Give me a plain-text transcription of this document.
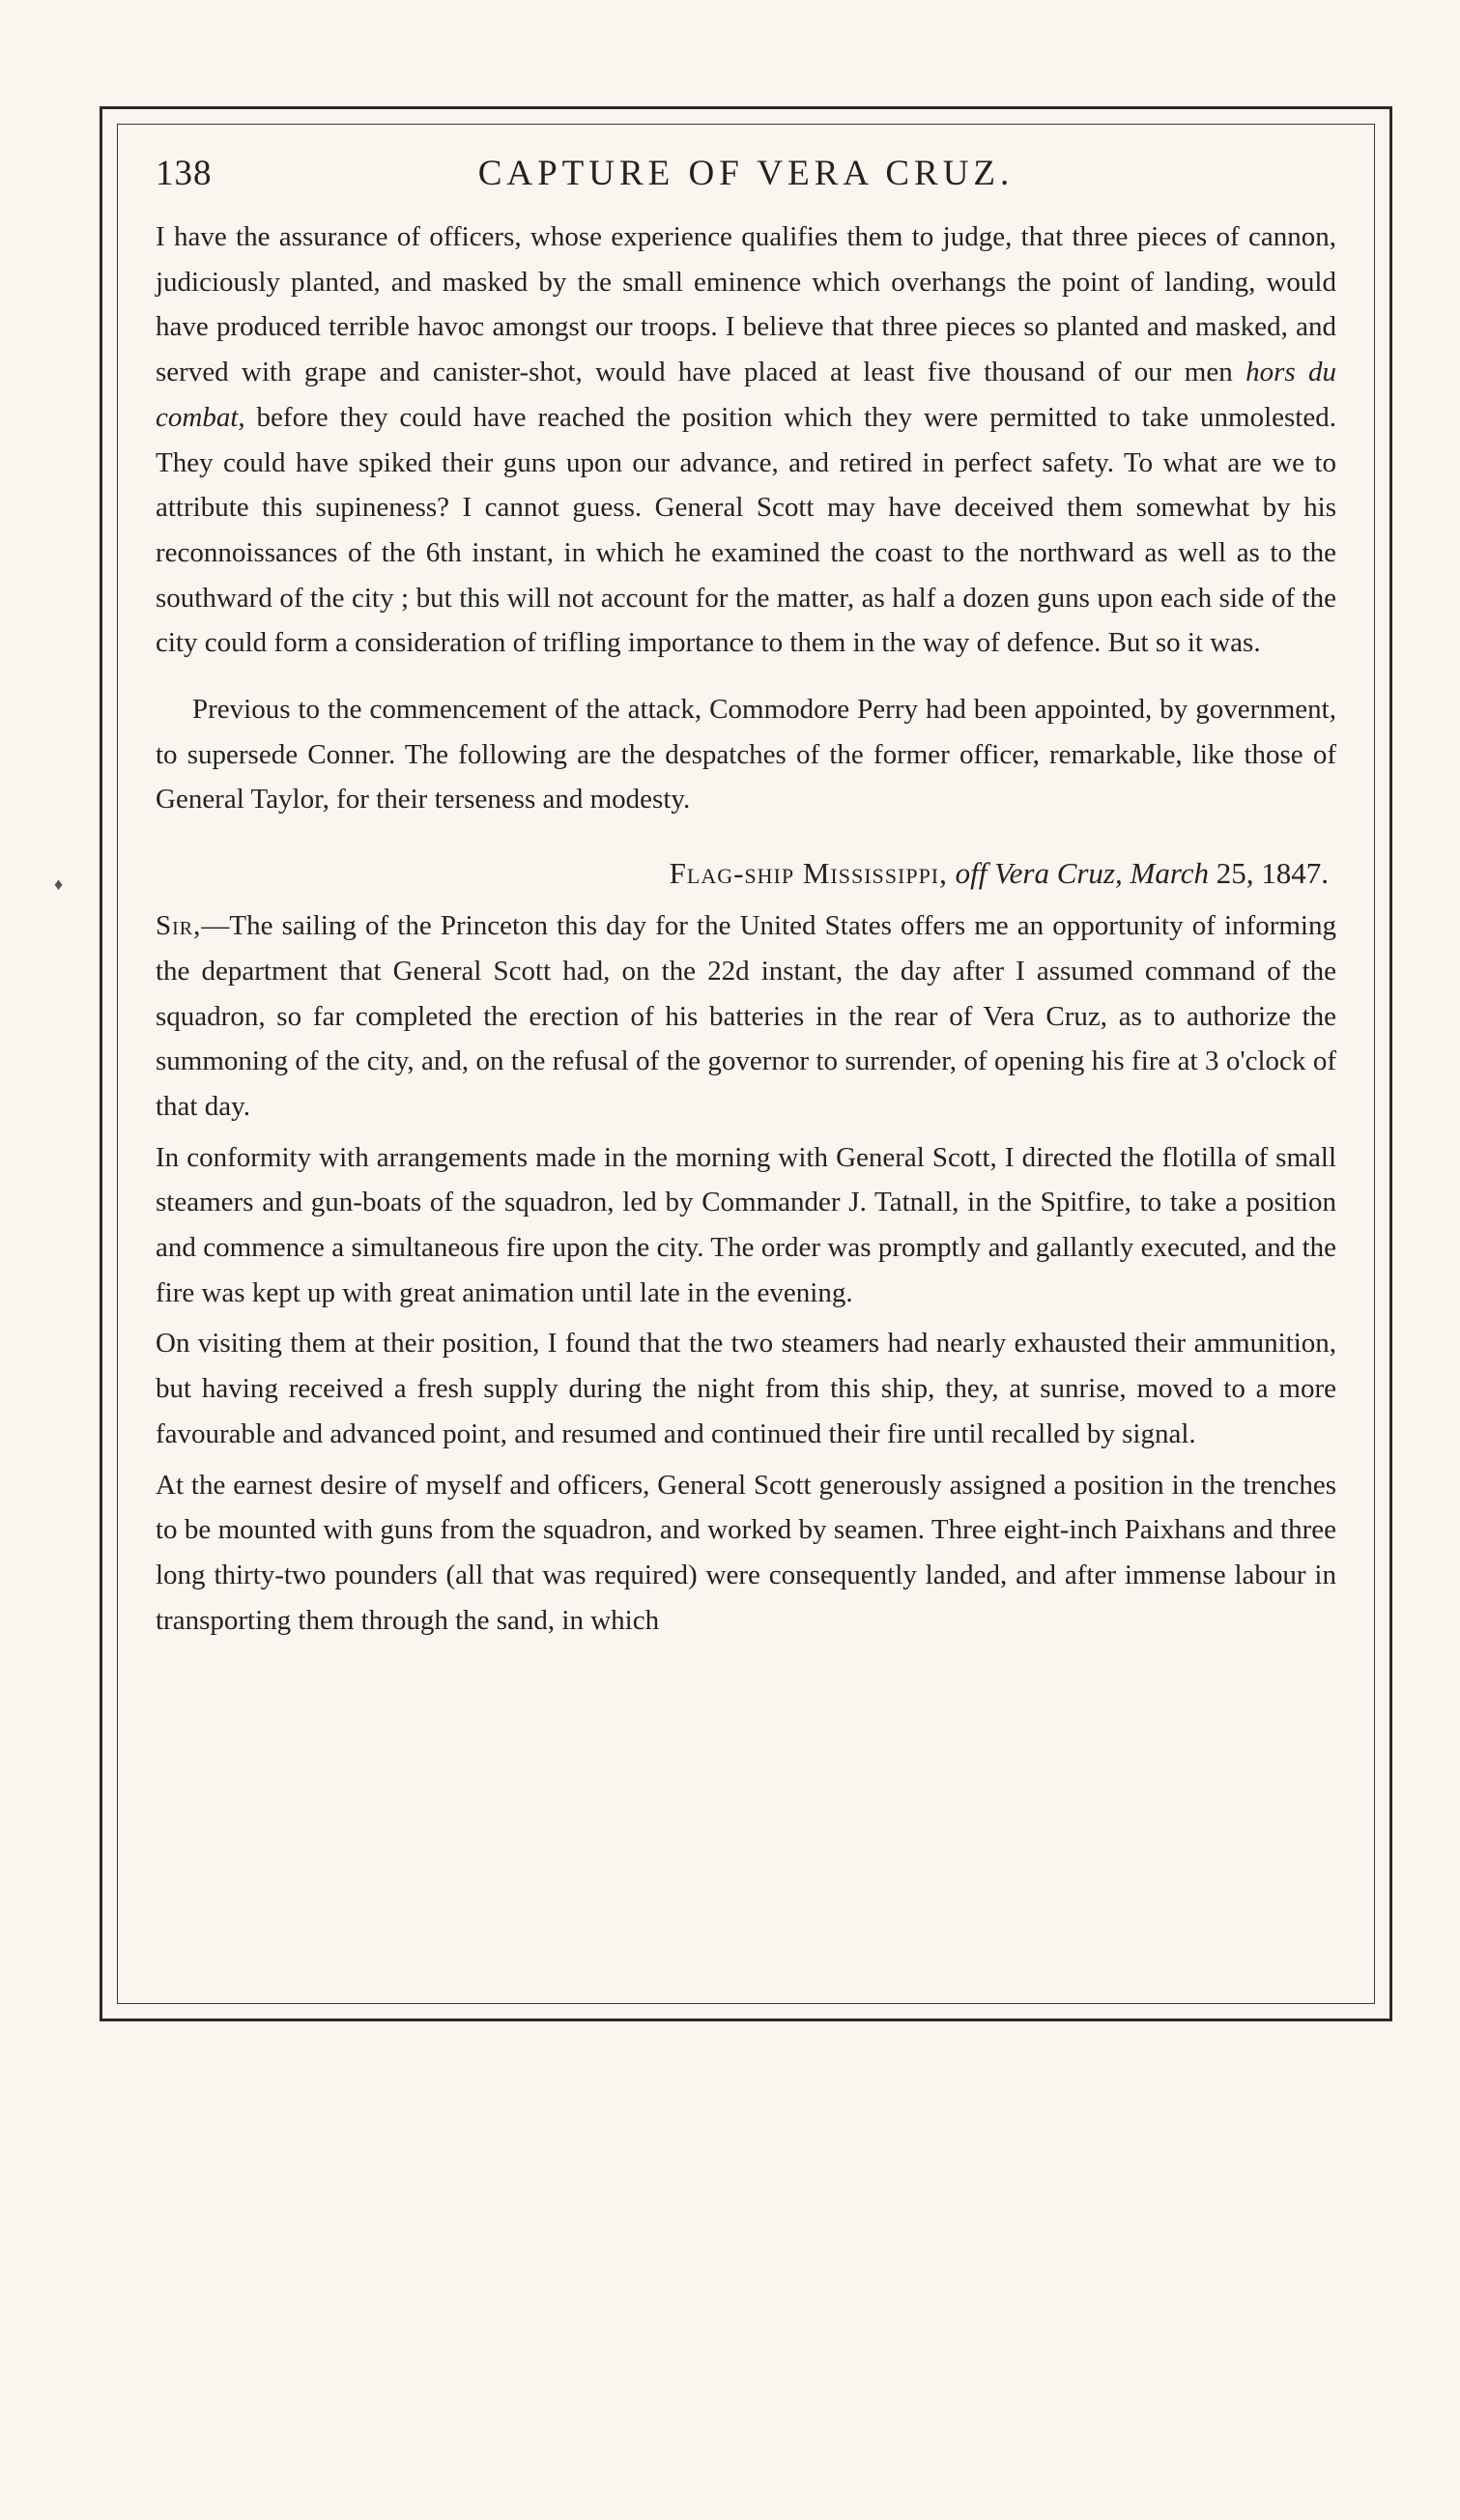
♦
138	CAPTURE OF VERA CRUZ.

I have the assurance of officers, whose experience qualifies them to judge, that three pieces of cannon, judiciously planted, and masked by the small eminence which overhangs the point of landing, would have produced terrible havoc amongst our troops. I believe that three pieces so planted and masked, and served with grape and canister-shot, would have placed at least five thousand of our men hors du combat, before they could have reached the position which they were permitted to take unmolested. They could have spiked their guns upon our advance, and retired in perfect safety. To what are we to attribute this supineness? I cannot guess. General Scott may have deceived them somewhat by his reconnoissances of the 6th instant, in which he examined the coast to the northward as well as to the southward of the city ; but this will not account for the matter, as half a dozen guns upon each side of the city could form a consideration of trifling importance to them in the way of defence. But so it was.

Previous to the commencement of the attack, Commodore Perry had been appointed, by government, to supersede Conner. The following are the despatches of the former officer, remarkable, like those of General Taylor, for their terseness and modesty.

Flag-ship Mississippi, off Vera Cruz, March 25, 1847.

Sir,—The sailing of the Princeton this day for the United States offers me an opportunity of informing the department that General Scott had, on the 22d instant, the day after I assumed command of the squadron, so far completed the erection of his batteries in the rear of Vera Cruz, as to authorize the summoning of the city, and, on the refusal of the governor to surrender, of opening his fire at 3 o'clock of that day.

In conformity with arrangements made in the morning with General Scott, I directed the flotilla of small steamers and gun-boats of the squadron, led by Commander J. Tatnall, in the Spitfire, to take a position and commence a simultaneous fire upon the city. The order was promptly and gallantly executed, and the fire was kept up with great animation until late in the evening.

On visiting them at their position, I found that the two steamers had nearly exhausted their ammunition, but having received a fresh supply during the night from this ship, they, at sunrise, moved to a more favourable and advanced point, and resumed and continued their fire until recalled by signal.

At the earnest desire of myself and officers, General Scott generously assigned a position in the trenches to be mounted with guns from the squadron, and worked by seamen. Three eight-inch Paixhans and three long thirty-two pounders (all that was required) were consequently landed, and after immense labour in transporting them through the sand, in which
